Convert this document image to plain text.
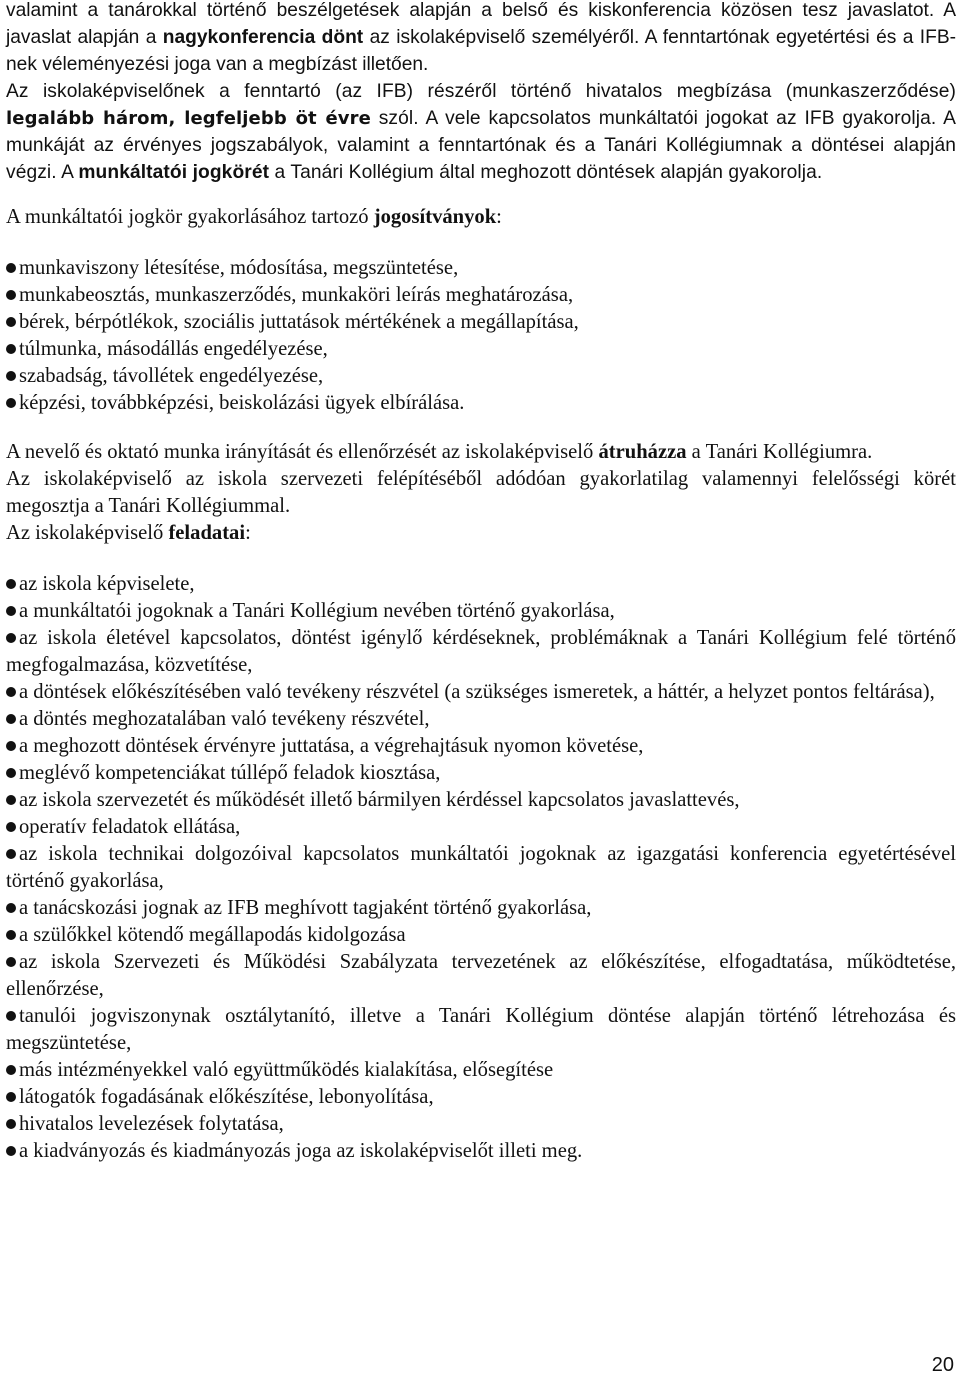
valamint a tanárokkal történő beszélgetések alapján a belső és kiskonferencia közösen tesz javaslatot. A javaslat alapján a nagykonferencia dönt az iskolaképviselő személyéről. A fenntartónak egyetértési és a IFB-nek véleményezési joga van a megbízást illetően.

Az iskolaképviselőnek a fenntartó (az IFB) részéről történő hivatalos megbízása (munkaszerződése) legalább három, legfeljebb öt évre szól. A vele kapcsolatos munkáltatói jogokat az IFB gyakorolja. A munkáját az érvényes jogszabályok, valamint a fenntartónak és a Tanári Kollégiumnak a döntései alapján végzi. A munkáltatói jogkörét a Tanári Kollégium által meghozott döntések alapján gyakorolja.

A munkáltatói jogkör gyakorlásához tartozó jogosítványok:

munkaviszony létesítése, módosítása, megszüntetése,
munkabeosztás, munkaszerződés, munkaköri leírás meghatározása,
bérek, bérpótlékok, szociális juttatások mértékének a megállapítása,
túlmunka, másodállás engedélyezése,
szabadság, távollétek engedélyezése,
képzési, továbbképzési, beiskolázási ügyek elbírálása.

A nevelő és oktató munka irányítását és ellenőrzését az iskolaképviselő átruházza a Tanári Kollégiumra.

Az iskolaképviselő az iskola szervezeti felépítéséből adódóan gyakorlatilag valamennyi felelősségi körét megosztja a Tanári Kollégiummal.

Az iskolaképviselő feladatai:

az iskola képviselete,
a munkáltatói jogoknak a Tanári Kollégium nevében történő gyakorlása,
az iskola életével kapcsolatos, döntést igénylő kérdéseknek, problémáknak a Tanári Kollégium felé történő megfogalmazása, közvetítése,
a döntések előkészítésében való tevékeny részvétel (a szükséges ismeretek, a háttér, a helyzet pontos feltárása),
a döntés meghozatalában való tevékeny részvétel,
a meghozott döntések érvényre juttatása, a végrehajtásuk nyomon követése,
meglévő kompetenciákat túllépő feladok kiosztása,
az iskola szervezetét és működését illető bármilyen kérdéssel kapcsolatos javaslattevés,
operatív feladatok ellátása,
az iskola technikai dolgozóival kapcsolatos munkáltatói jogoknak az igazgatási konferencia egyetértésével történő gyakorlása,
a tanácskozási jognak az IFB meghívott tagjaként történő gyakorlása,
a szülőkkel kötendő megállapodás kidolgozása
az iskola Szervezeti és Működési Szabályzata tervezetének az előkészítése, elfogadtatása, működtetése, ellenőrzése,
tanulói jogviszonynak osztálytanító, illetve a Tanári Kollégium döntése alapján történő létrehozása és megszüntetése,
más intézményekkel való együttműködés kialakítása, elősegítése
látogatók fogadásának előkészítése, lebonyolítása,
hivatalos levelezések folytatása,
a kiadványozás és kiadmányozás joga az iskolaképviselőt illeti meg.
20
